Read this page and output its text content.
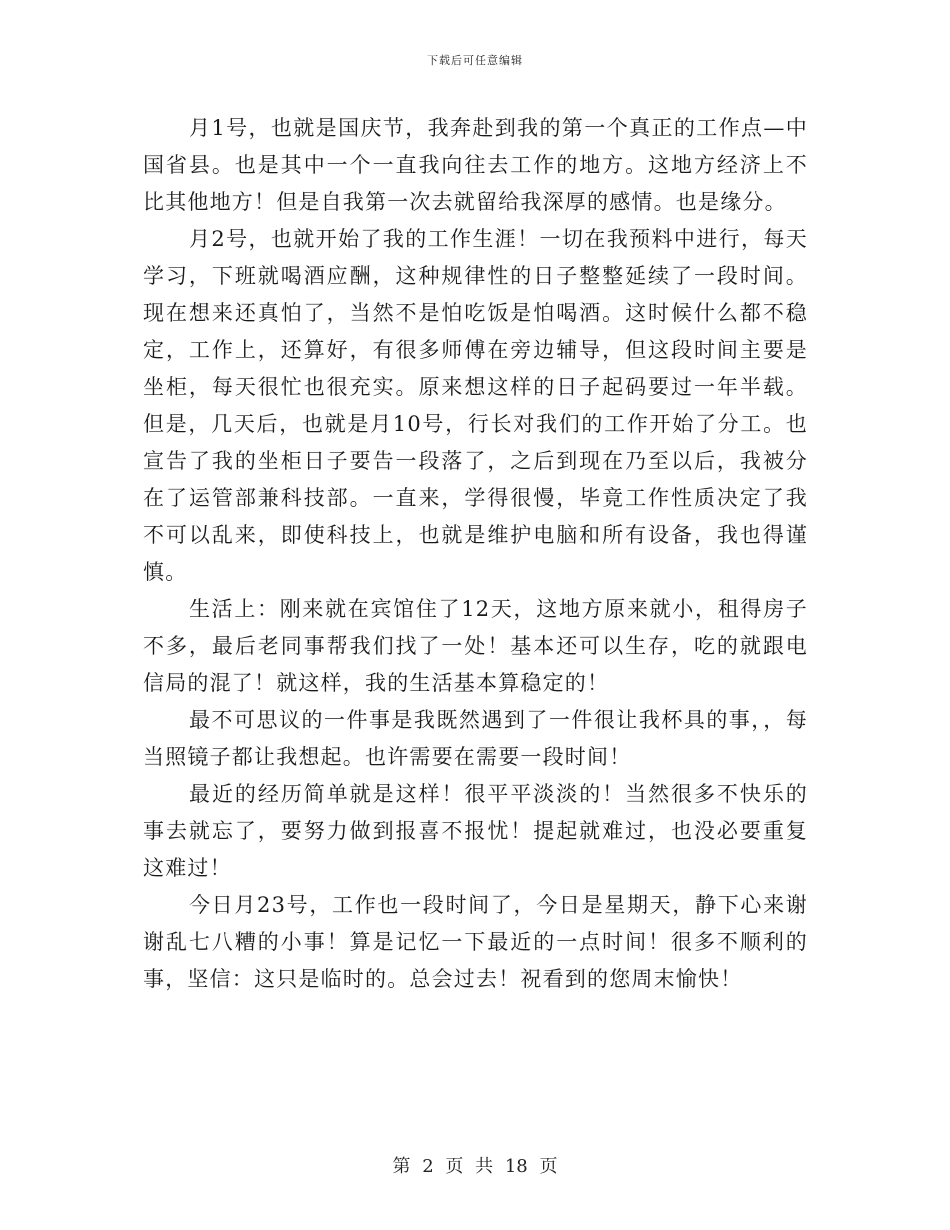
下载后可任意编辑

月1号，也就是国庆节，我奔赴到我的第一个真正的工作点—中国省县。也是其中一个一直我向往去工作的地方。这地方经济上不比其他地方！但是自我第一次去就留给我深厚的感情。也是缘分。

月2号，也就开始了我的工作生涯！一切在我预料中进行，每天学习，下班就喝酒应酬，这种规律性的日子整整延续了一段时间。现在想来还真怕了，当然不是怕吃饭是怕喝酒。这时候什么都不稳定，工作上，还算好，有很多师傅在旁边辅导，但这段时间主要是坐柜，每天很忙也很充实。原来想这样的日子起码要过一年半载。但是，几天后，也就是月10号，行长对我们的工作开始了分工。也宣告了我的坐柜日子要告一段落了，之后到现在乃至以后，我被分在了运管部兼科技部。一直来，学得很慢，毕竟工作性质决定了我不可以乱来，即使科技上，也就是维护电脑和所有设备，我也得谨慎。

生活上：刚来就在宾馆住了12天，这地方原来就小，租得房子不多，最后老同事帮我们找了一处！基本还可以生存，吃的就跟电信局的混了！就这样，我的生活基本算稳定的！

最不可思议的一件事是我既然遇到了一件很让我杯具的事，，每当照镜子都让我想起。也许需要在需要一段时间！

最近的经历简单就是这样！很平平淡淡的！当然很多不快乐的事去就忘了，要努力做到报喜不报忧！提起就难过，也没必要重复这难过！

今日月23号，工作也一段时间了，今日是星期天，静下心来谢谢乱七八糟的小事！算是记忆一下最近的一点时间！很多不顺利的事，坚信：这只是临时的。总会过去！祝看到的您周末愉快！

第 2 页 共 18 页
